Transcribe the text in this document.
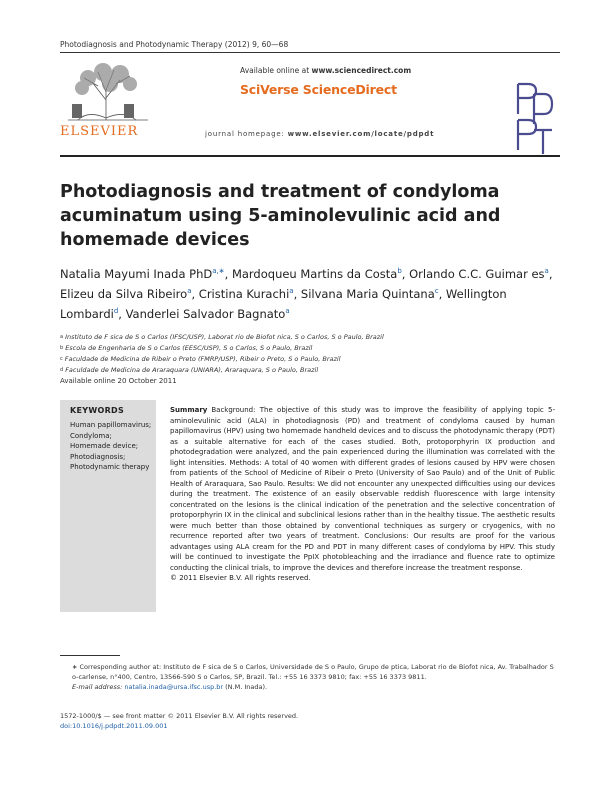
Photodiagnosis and Photodynamic Therapy (2012) 9, 60—68
ELSEVIER
Available online at www.sciencedirect.com
SciVerse ScienceDirect
journal homepage: www.elsevier.com/locate/pdpdt
Photodiagnosis and treatment of condyloma acuminatum using 5-aminolevulinic acid and homemade devices
Natalia Mayumi Inada PhD$^{a,∗}$, Mardoqueu Martins da Costa$^b$, Orlando C.C. Guimar $es^a$, Elizeu da Silva Ribeiro$^a$, Cristina Kurachi$^a$, Silvana Maria Quintana$^c$, Wellington Lombardi$^d$, Vanderlei Salvador Bagnato$^a$
$^a$ Instituto de F sica de S o Carlos (IFSC/USP), Laborat rio de Biofot nica, S o Carlos, S o Paulo, Brazil
$^b$ Escola de Engenharia de S o Carlos (EESC/USP), S o Carlos, S o Paulo, Brazil
$^c$ Faculdade de Medicina de Ribeir o Preto (FMRP/USP), Ribeir o Preto, S o Paulo, Brazil
$^d$ Faculdade de Medicina de Araraquara (UNIARA), Araraquara, S o Paulo, Brazil
Available online 20 October 2011
KEYWORDS
Human papillomavirus;
Condyloma;
Homemade device;
Photodiagnosis;
Photodynamic therapy
Summary Background: The objective of this study was to improve the feasibility of applying topic 5-aminolevulinic acid (ALA) in photodiagnosis (PD) and treatment of condyloma caused by human papillomavirus (HPV) using two homemade handheld devices and to discuss the photodynamic therapy (PDT) as a suitable alternative for each of the cases studied. Both, protoporphyrin IX production and photodegradation were analyzed, and the pain experienced during the illumination was correlated with the light intensities. Methods: A total of 40 women with different grades of lesions caused by HPV were chosen from patients of the School of Medicine of Ribeir o Preto (University of Sao Paulo) and of the Unit of Public Health of Araraquara, Sao Paulo. Results: We did not encounter any unexpected difficulties using our devices during the treatment. The existence of an easily observable reddish fluorescence with large intensity concentrated on the lesions is the clinical indication of the penetration and the selective concentration of protoporphyrin IX in the clinical and subclinical lesions rather than in the healthy tissue. The aesthetic results were much better than those obtained by conventional techniques as surgery or cryogenics, with no recurrence reported after two years of treatment. Conclusions: Our results are proof for the various advantages using ALA cream for the PD and PDT in many different cases of condyloma by HPV. This study will be continued to investigate the PpIX photobleaching and the irradiance and fluence rate to optimize conducting the clinical trials, to improve the devices and therefore increase the treatment response.
© 2011 Elsevier B.V. All rights reserved.
∗ Corresponding author at: Instituto de F sica de S o Carlos, Universidade de S o Paulo, Grupo de ptica, Laborat rio de Biofot nica, Av. Trabalhador S o-carlense, n°400, Centro, 13566-590 S o Carlos, SP, Brazil. Tel.: +55 16 3373 9810; fax: +55 16 3373 9811.
E-mail address: natalia.inada@ursa.ifsc.usp.br (N.M. Inada).
1572-1000/$ — see front matter © 2011 Elsevier B.V. All rights reserved.
doi:10.1016/j.pdpdt.2011.09.001
